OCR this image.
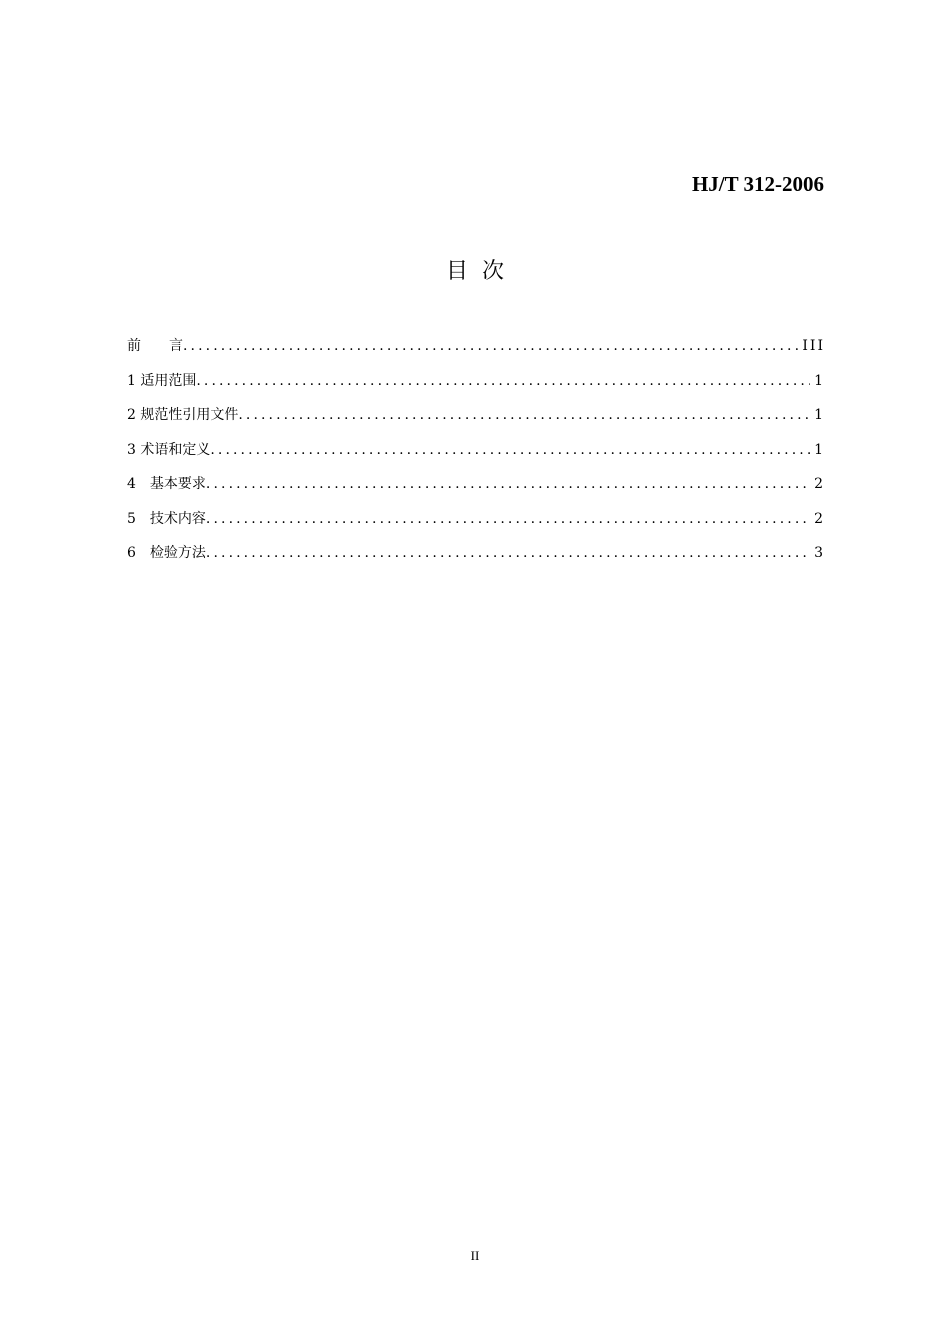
HJ/T 312-2006
目次
前　　言 .....	III
1 适用范围 .....	1
2 规范性引用文件 .....	1
3 术语和定义 .....	1
4　基本要求 .....	2
5　技术内容 .....	2
6　检验方法 .....	3
II
